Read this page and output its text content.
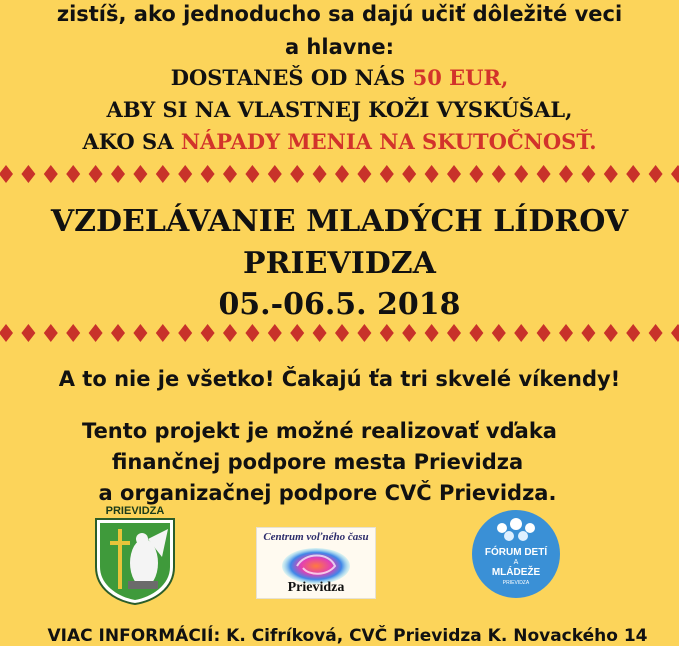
zistíš, ako jednoducho sa dajú učiť dôležité veci
a hlavne:
DOSTANEŠ OD NÁS 50 EUR,
ABY SI NA VLASTNEJ KOŽI VYSKÚŠAL,
AKO SA NÁPADY MENIA NA SKUTOČNOSŤ.
VZDELÁVANIE MLADÝCH LÍDROV
PRIEVIDZA
05.-06.5. 2018
A to nie je všetko! Čakajú ťa tri skvelé víkendy!
Tento projekt je možné realizovať vďaka
finančnej podpore mesta Prievidza
a organizačnej podpore CVČ Prievidza.
PRIEVIDZA
Centrum voľného času
Prievidza
FÓRUM DETÍ
A
MLÁDEŽE
PRIEVIDZA
VIAC INFORMÁCIÍ: K. Cifríková, CVČ Prievidza K. Novackého 14
